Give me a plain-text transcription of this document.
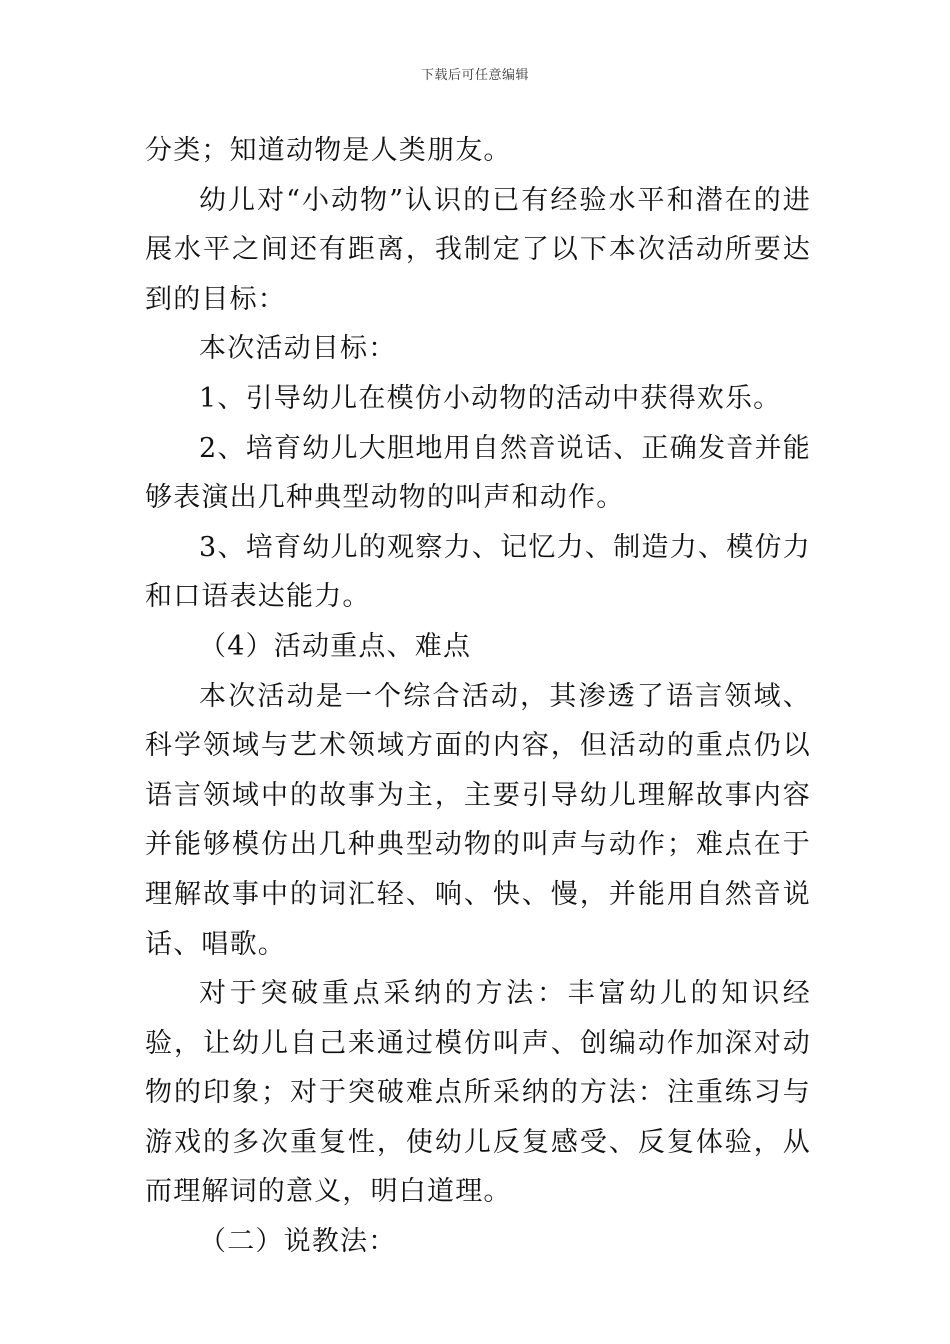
下载后可任意编辑

分类；知道动物是人类朋友。

幼儿对“小动物”认识的已有经验水平和潜在的进展水平之间还有距离，我制定了以下本次活动所要达到的目标：

本次活动目标：

1、引导幼儿在模仿小动物的活动中获得欢乐。

2、培育幼儿大胆地用自然音说话、正确发音并能够表演出几种典型动物的叫声和动作。

3、培育幼儿的观察力、记忆力、制造力、模仿力和口语表达能力。

（4）活动重点、难点

本次活动是一个综合活动，其渗透了语言领域、科学领域与艺术领域方面的内容，但活动的重点仍以语言领域中的故事为主，主要引导幼儿理解故事内容并能够模仿出几种典型动物的叫声与动作；难点在于理解故事中的词汇轻、响、快、慢，并能用自然音说话、唱歌。

对于突破重点采纳的方法：丰富幼儿的知识经验，让幼儿自己来通过模仿叫声、创编动作加深对动物的印象；对于突破难点所采纳的方法：注重练习与游戏的多次重复性，使幼儿反复感受、反复体验，从而理解词的意义，明白道理。

（二）说教法：
